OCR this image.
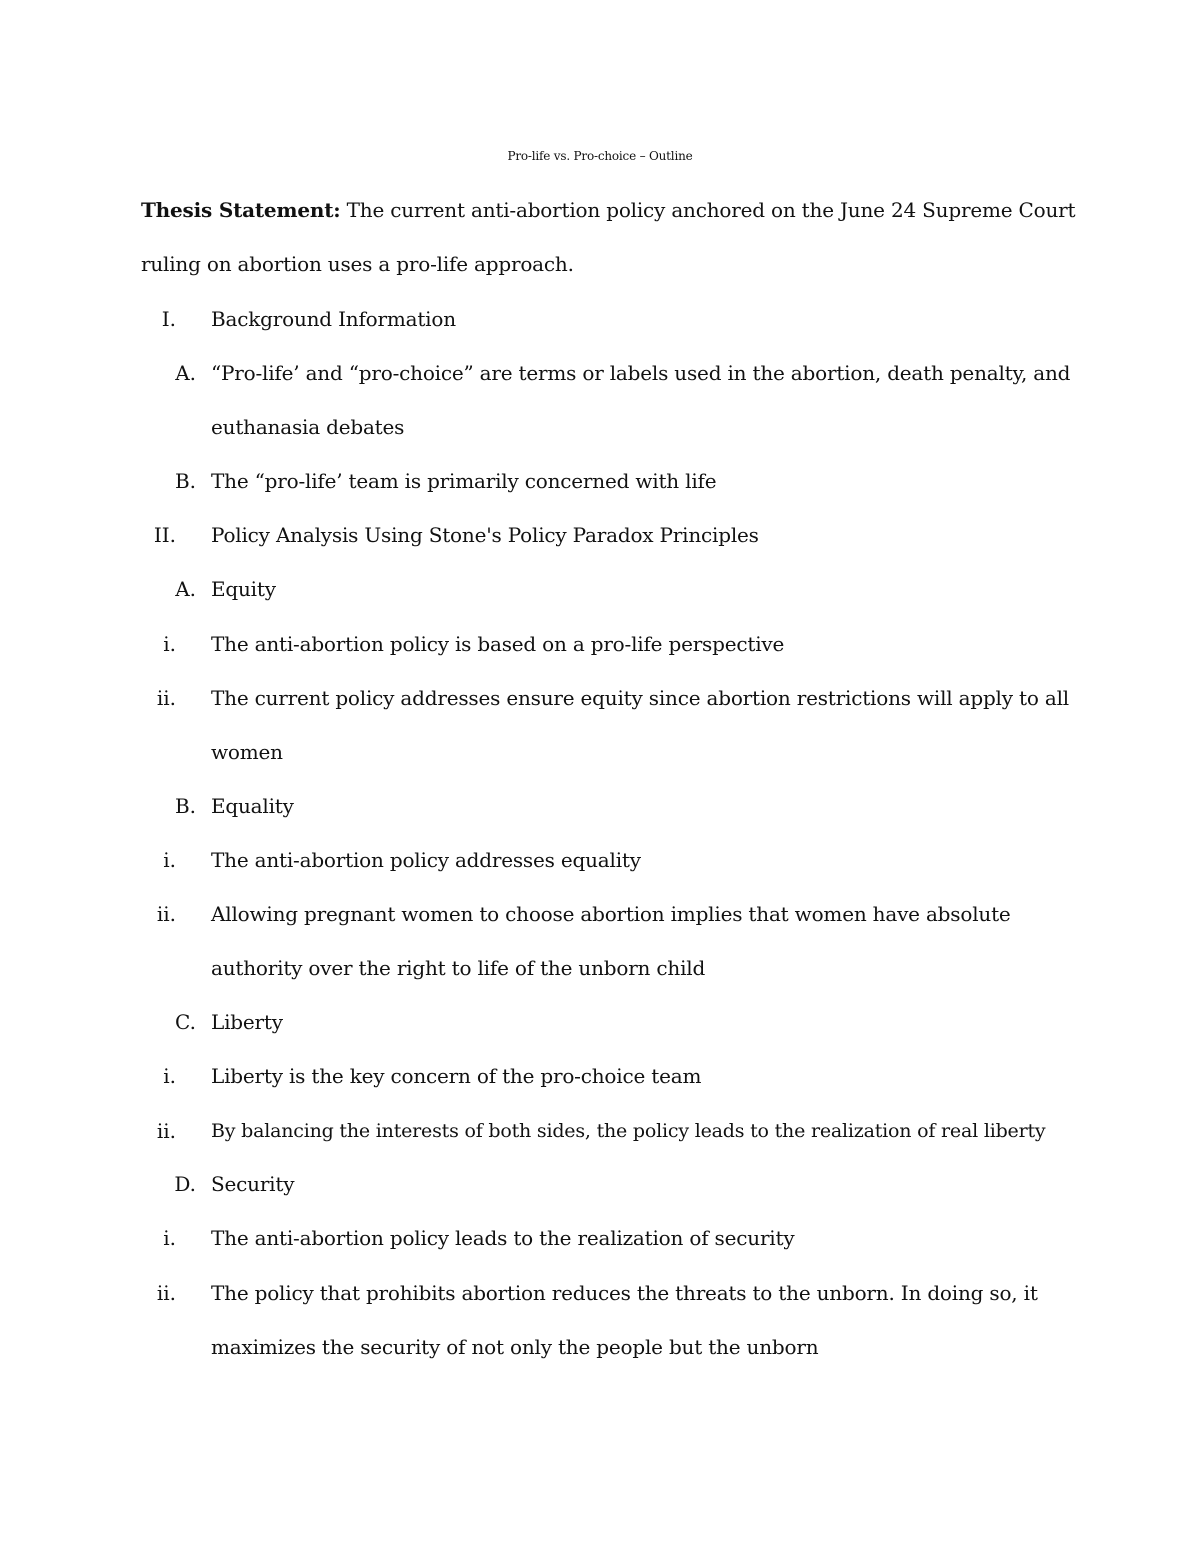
Pro-life vs. Pro-choice – Outline
Thesis Statement: The current anti-abortion policy anchored on the June 24 Supreme Court
ruling on abortion uses a pro-life approach.
I. Background Information
A. “Pro-life’ and “pro-choice” are terms or labels used in the abortion, death penalty, and
euthanasia debates
B. The “pro-life’ team is primarily concerned with life
II. Policy Analysis Using Stone's Policy Paradox Principles
A. Equity
i. The anti-abortion policy is based on a pro-life perspective
ii. The current policy addresses ensure equity since abortion restrictions will apply to all
women
B. Equality
i. The anti-abortion policy addresses equality
ii. Allowing pregnant women to choose abortion implies that women have absolute
authority over the right to life of the unborn child
C. Liberty
i. Liberty is the key concern of the pro-choice team
ii. By balancing the interests of both sides, the policy leads to the realization of real liberty
D. Security
i. The anti-abortion policy leads to the realization of security
ii. The policy that prohibits abortion reduces the threats to the unborn. In doing so, it
maximizes the security of not only the people but the unborn
